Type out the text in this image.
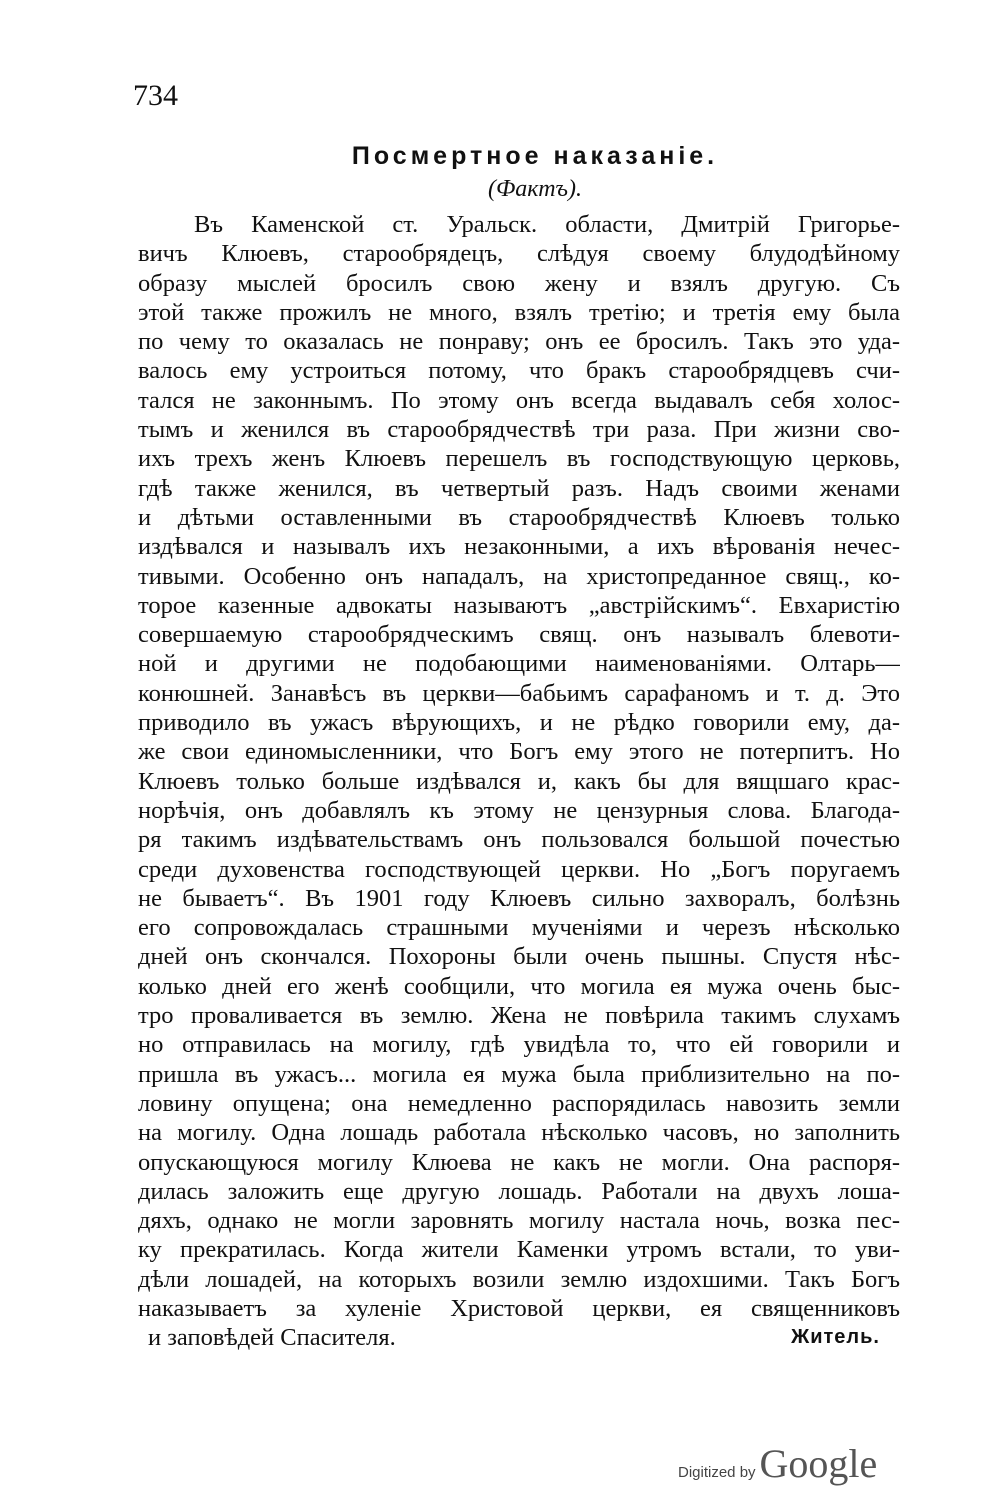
734
Посмертное наказаніе.
(Фактъ).
Въ Каменской ст. Уральск. области, Дмитрій Григорье-
вичъ Клюевъ, старообрядецъ, слѣдуя своему блудодѣйному
образу мыслей бросилъ свою жену и взялъ другую. Съ
этой также прожилъ не много, взялъ третію; и третія ему была
по чему то оказалась не понраву; онъ ее бросилъ. Такъ это уда-
валось ему устроиться потому, что бракъ старообрядцевъ счи-
тался не законнымъ. По этому онъ всегда выдавалъ себя холос-
тымъ и женился въ старообрядчествѣ три раза. При жизни сво-
ихъ трехъ женъ Клюевъ перешелъ въ господствующую церковь,
гдѣ также женился, въ четвертый разъ. Надъ своими женами
и дѣтьми оставленными въ старообрядчествѣ Клюевъ только
издѣвался и называлъ ихъ незаконными, а ихъ вѣрованія нечес-
тивыми. Особенно онъ нападалъ, на христопреданное свящ., ко-
торое казенные адвокаты называютъ „австрійскимъ“. Евхаристію
совершаемую старообрядческимъ свящ. онъ называлъ блевоти-
ной и другими не подобающими наименованіями. Олтарь—
конюшней. Занавѣсъ въ церкви—бабьимъ сарафаномъ и т. д. Это
приводило въ ужасъ вѣрующихъ, и не рѣдко говорили ему, да-
же свои единомысленники, что Богъ ему этого не потерпитъ. Но
Клюевъ только больше издѣвался и, какъ бы для вящшаго крас-
норѣчія, онъ добавлялъ къ этому не цензурныя слова. Благода-
ря такимъ издѣвательствамъ онъ пользовался большой почестью
среди духовенства господствующей церкви. Но „Богъ поругаемъ
не бываетъ“. Въ 1901 году Клюевъ сильно захворалъ, болѣзнь
его сопровождалась страшными мученіями и черезъ нѣсколько
дней онъ скончался. Похороны были очень пышны. Спустя нѣс-
колько дней его женѣ сообщили, что могила ея мужа очень быс-
тро проваливается въ землю. Жена не повѣрила такимъ слухамъ
но отправилась на могилу, гдѣ увидѣла то, что ей говорили и
пришла въ ужасъ... могила ея мужа была приблизительно на по-
ловину опущена; она немедленно распорядилась навозить земли
на могилу. Одна лошадь работала нѣсколько часовъ, но заполнить
опускающуюся могилу Клюева не какъ не могли. Она распоря-
дилась заложить еще другую лошадь. Работали на двухъ лоша-
дяхъ, однако не могли заровнять могилу настала ночь, возка пес-
ку прекратилась. Когда жители Каменки утромъ встали, то уви-
дѣли лошадей, на которыхъ возили землю издохшими. Такъ Богъ
наказываетъ за хуленіе Христовой церкви, ея священниковъ
и заповѣдей Спасителя.	Житель.
Digitized by Google
